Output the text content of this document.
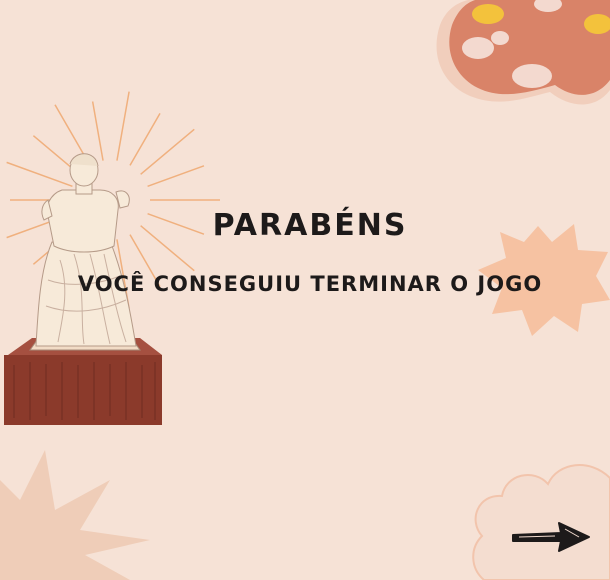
PARABÉNS
VOCÊ CONSEGUIU TERMINAR O JOGO
